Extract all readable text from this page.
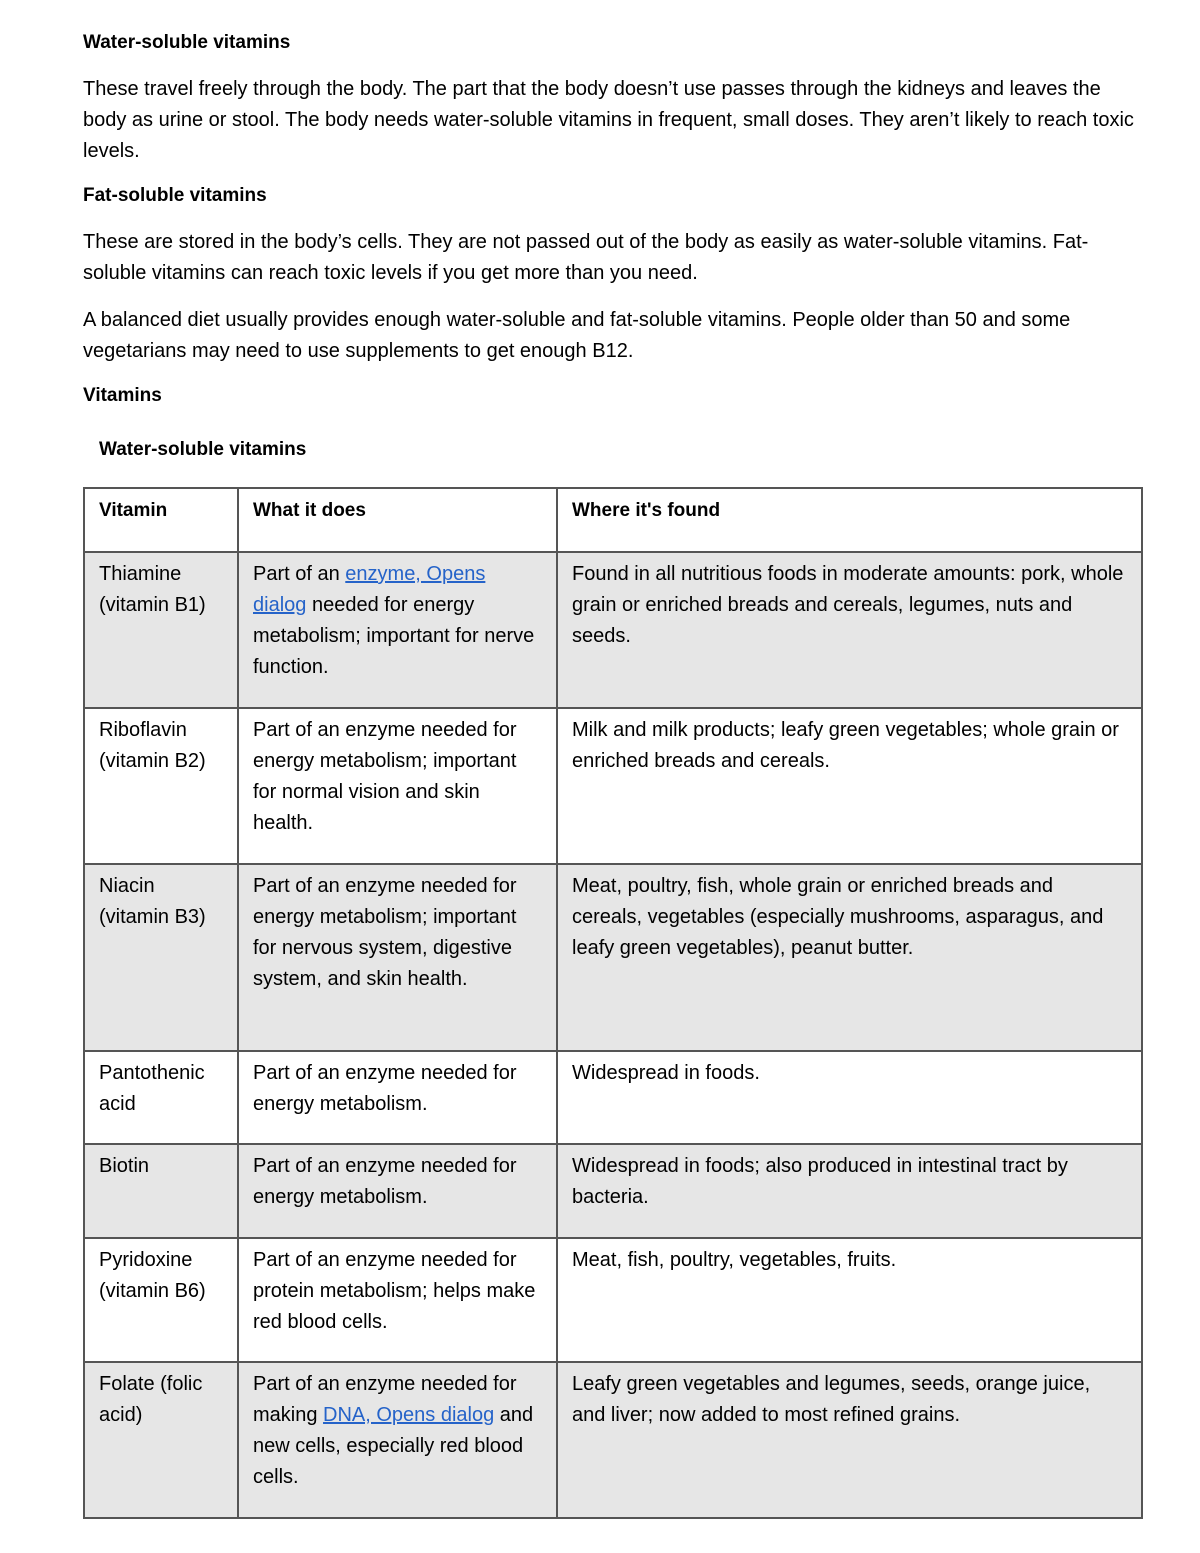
Water-soluble vitamins

These travel freely through the body. The part that the body doesn’t use passes through the kidneys and leaves the body as urine or stool. The body needs water-soluble vitamins in frequent, small doses. They aren’t likely to reach toxic levels.

Fat-soluble vitamins

These are stored in the body’s cells. They are not passed out of the body as easily as water-soluble vitamins. Fat-soluble vitamins can reach toxic levels if you get more than you need.

A balanced diet usually provides enough water-soluble and fat-soluble vitamins. People older than 50 and some vegetarians may need to use supplements to get enough B12.

Vitamins

Water-soluble vitamins

Vitamin	What it does	Where it's found
Thiamine (vitamin B1)	Part of an enzyme, Opens dialog needed for energy metabolism; important for nerve function.	Found in all nutritious foods in moderate amounts: pork, whole grain or enriched breads and cereals, legumes, nuts and seeds.
Riboflavin (vitamin B2)	Part of an enzyme needed for energy metabolism; important for normal vision and skin health.	Milk and milk products; leafy green vegetables; whole grain or enriched breads and cereals.
Niacin (vitamin B3)	Part of an enzyme needed for energy metabolism; important for nervous system, digestive system, and skin health.	Meat, poultry, fish, whole grain or enriched breads and cereals, vegetables (especially mushrooms, asparagus, and leafy green vegetables), peanut butter.
Pantothenic acid	Part of an enzyme needed for energy metabolism.	Widespread in foods.
Biotin	Part of an enzyme needed for energy metabolism.	Widespread in foods; also produced in intestinal tract by bacteria.
Pyridoxine (vitamin B6)	Part of an enzyme needed for protein metabolism; helps make red blood cells.	Meat, fish, poultry, vegetables, fruits.
Folate (folic acid)	Part of an enzyme needed for making DNA, Opens dialog and new cells, especially red blood cells.	Leafy green vegetables and legumes, seeds, orange juice, and liver; now added to most refined grains.
